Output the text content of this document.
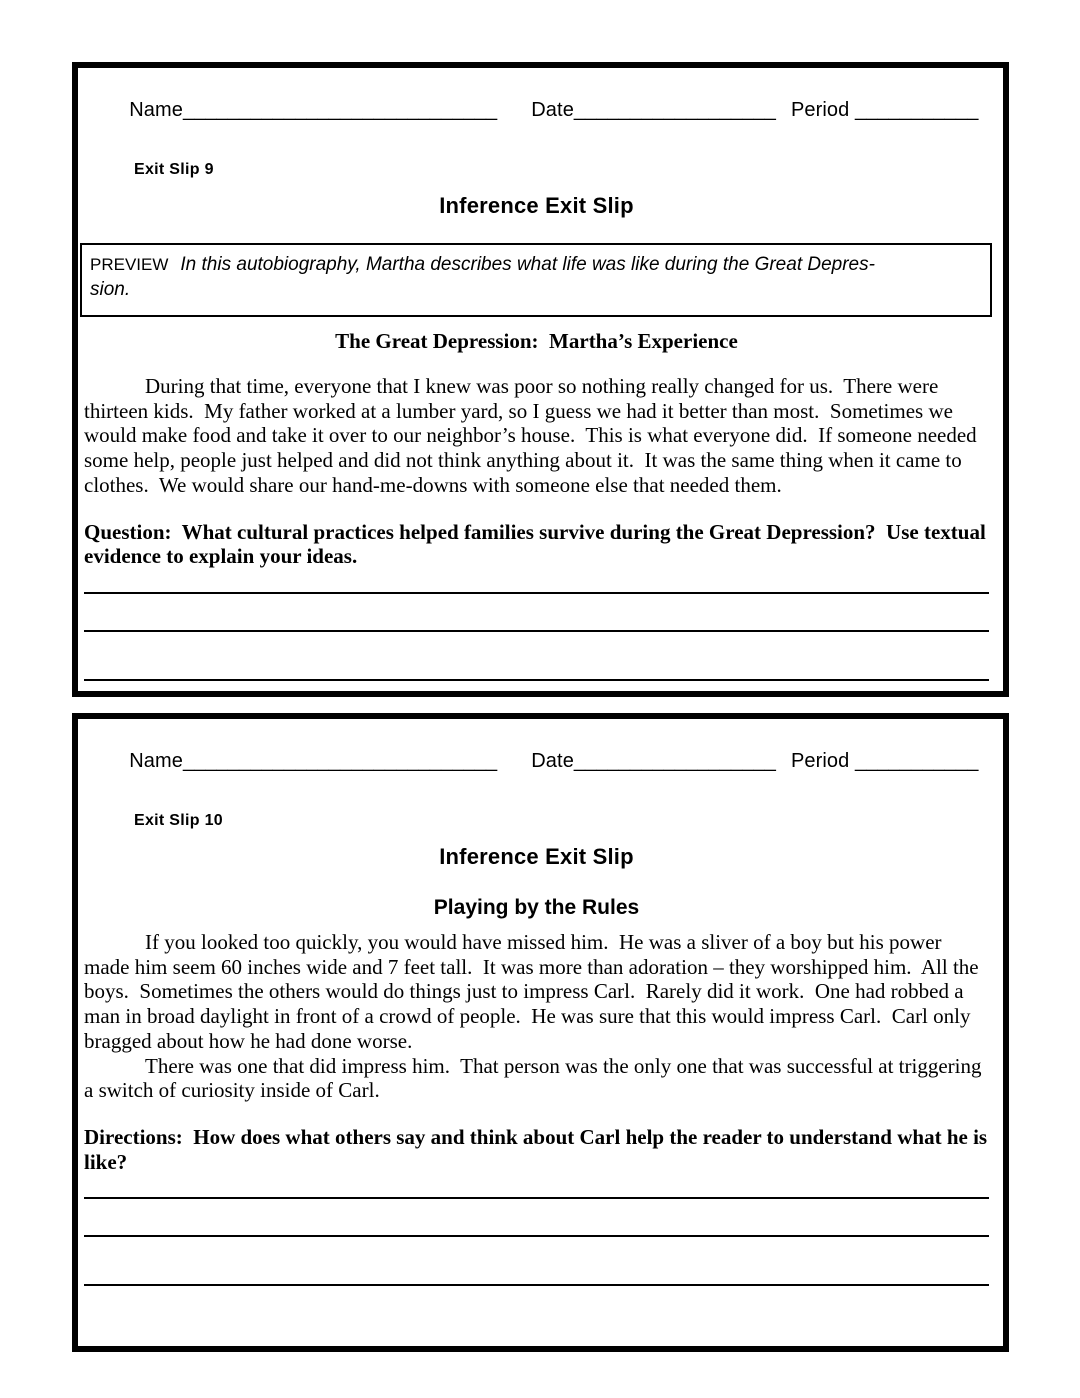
Name____________________________ Date__________________ Period ___________

Exit Slip 9
Inference Exit Slip
PREVIEW In this autobiography, Martha describes what life was like during the Great Depres-
sion.
The Great Depression:  Martha’s Experience

During that time, everyone that I knew was poor so nothing really changed for us.  There were thirteen kids.  My father worked at a lumber yard, so I guess we had it better than most.  Sometimes we would make food and take it over to our neighbor’s house.  This is what everyone did.  If someone needed some help, people just helped and did not think anything about it.  It was the same thing when it came to clothes.  We would share our hand-me-downs with someone else that needed them.

Question:  What cultural practices helped families survive during the Great Depression?  Use textual evidence to explain your ideas.

Name____________________________ Date__________________ Period ___________

Exit Slip 10
Inference Exit Slip
Playing by the Rules

If you looked too quickly, you would have missed him.  He was a sliver of a boy but his power made him seem 60 inches wide and 7 feet tall.  It was more than adoration – they worshipped him.  All the boys.  Sometimes the others would do things just to impress Carl.  Rarely did it work.  One had robbed a man in broad daylight in front of a crowd of people.  He was sure that this would impress Carl.  Carl only bragged about how he had done worse.

There was one that did impress him.  That person was the only one that was successful at triggering a switch of curiosity inside of Carl.

Directions:  How does what others say and think about Carl help the reader to understand what he is like?
